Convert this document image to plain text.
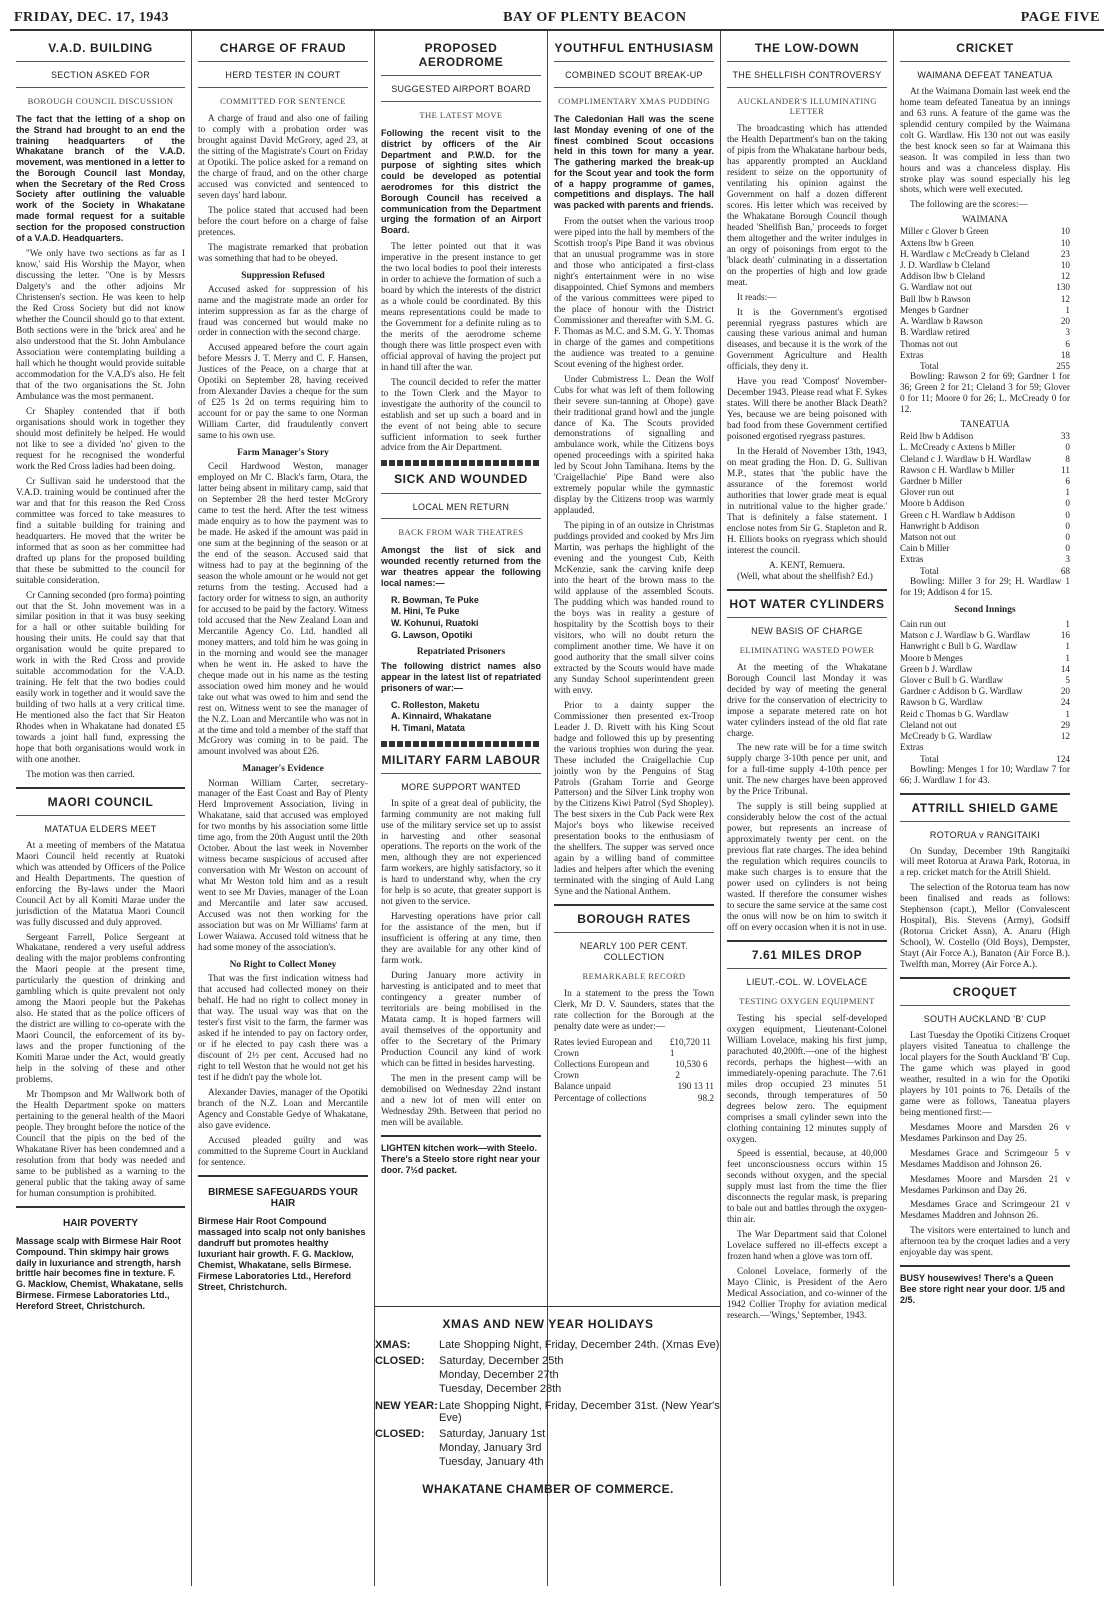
FRIDAY, DEC. 17, 1943	BAY OF PLENTY BEACON	PAGE FIVE
V.A.D. BUILDING
SECTION ASKED FOR
BOROUGH COUNCIL DISCUSSION
The fact that the letting of a shop on the Strand had brought to an end the training headquarters of the Whakatane branch of the V.A.D. movement, was mentioned in a letter to the Borough Council last Monday, when the Secretary of the Red Cross Society after outlining the valuable work of the Society in Whakatane made formal request for a suitable section for the proposed construction of a V.A.D. Headquarters.

"We only have two sections as far as I know,' said His Worship the Mayor, when discussing the letter. "One is by Messrs Dalgety's and the other adjoins Mr Christensen's section. He was keen to help the Red Cross Society but did not know whether the Council should go to that extent. Both sections were in the 'brick area' and he also understood that the St. John Ambulance Association were contemplating building a hall which he thought would provide suitable accommodation for the V.A.D's also. He felt that of the two organisations the St. John Ambulance was the most permanent.

Cr Shapley contended that if both organisations should work in together they should most definitely be helped. He would not like to see a divided 'no' given to the request for he recognised the wonderful work the Red Cross ladies had been doing.

Cr Sullivan said he understood that the V.A.D. training would be continued after the war and that for this reason the Red Cross committee was forced to take measures to find a suitable building for training and headquarters. He moved that the writer be informed that as soon as her committee had drafted up plans for the proposed building that these be submitted to the council for suitable consideration.

Cr Canning seconded (pro forma) pointing out that the St. John movement was in a similar position in that it was busy seeking for a hall or other suitable building for housing their units. He could say that that organisation would be quite prepared to work in with the Red Cross and provide suitable accommodation for the V.A.D. training. He felt that the two bodies could easily work in together and it would save the building of two halls at a very critical time. He mentioned also the fact that Sir Heaton Rhodes when in Whakatane had donated £5 towards a joint hall fund, expressing the hope that both organisations would work in with one another.

The motion was then carried.

MAORI COUNCIL
MATATUA ELDERS MEET

At a meeting of members of the Matatua Maori Council held recently at Ruatoki which was attended by Officers of the Police and Health Departments. The question of enforcing the By-laws under the Maori Council Act by all Komiti Marae under the jurisdiction of the Matatua Maori Council was fully discussed and duly approved.

Sergeant Farrell, Police Sergeant at Whakatane, rendered a very useful address dealing with the major problems confronting the Maori people at the present time, particularly the question of drinking and gambling which is quite prevalent not only among the Maori people but the Pakehas also. He stated that as the police officers of the district are willing to co-operate with the Maori Council, the enforcement of its by-laws and the proper functioning of the Komiti Marae under the Act, would greatly help in the solving of these and other problems.

Mr Thompson and Mr Wallwork both of the Health Department spoke on matters pertaining to the general health of the Maori people. They brought before the notice of the Council that the pipis on the bed of the Whakatane River has been condemned and a resolution from that body was needed and same to be published as a warning to the general public that the taking away of same for human consumption is prohibited.

HAIR POVERTY
Massage scalp with Birmese Hair Root Compound. Thin skimpy hair grows daily in luxuriance and strength, harsh brittle hair becomes fine in texture. F. G. Macklow, Chemist, Whakatane, sells Birmese. Firmese Laboratories Ltd., Hereford Street, Christchurch.
CHARGE OF FRAUD
HERD TESTER IN COURT
COMMITTED FOR SENTENCE

A charge of fraud and also one of failing to comply with a probation order was brought against David McGrory, aged 23, at the sitting of the Magistrate's Court on Friday at Opotiki. The police asked for a remand on the charge of fraud, and on the other charge accused was convicted and sentenced to seven days' hard labour.

The police stated that accused had been before the court before on a charge of false pretences.

The magistrate remarked that probation was something that had to be obeyed.

Suppression Refused

Accused asked for suppression of his name and the magistrate made an order for interim suppression as far as the charge of fraud was concerned but would make no order in connection with the second charge.

Accused appeared before the court again before Messrs J. T. Merry and C. F. Hansen, Justices of the Peace, on a charge that at Opotiki on September 28, having received from Alexander Davies a cheque for the sum of £25 1s 2d on terms requiring him to account for or pay the same to one Norman William Carter, did fraudulently convert same to his own use.

Farm Manager's Story

Cecil Hardwood Weston, manager employed on Mr C. Black's farm, Otara, the latter being absent in military camp, said that on September 28 the herd tester McGrory came to test the herd. After the test witness made enquiry as to how the payment was to be made. He asked if the amount was paid in one sum at the beginning of the season or at the end of the season. Accused said that witness had to pay at the beginning of the season the whole amount or he would not get returns from the testing. Accused had a factory order for witness to sign, an authority for accused to be paid by the factory. Witness told accused that the New Zealand Loan and Mercantile Agency Co. Ltd. handled all money matters, and told him he was going in in the morning and would see the manager when he went in. He asked to have the cheque made out in his name as the testing association owed him money and he would take out what was owed to him and send the rest on. Witness went to see the manager of the N.Z. Loan and Mercantile who was not in at the time and told a member of the staff that McGrory was coming in to be paid. The amount involved was about £26.

Manager's Evidence

Norman William Carter, secretary-manager of the East Coast and Bay of Plenty Herd Improvement Association, living in Whakatane, said that accused was employed for two months by his association some little time ago, from the 20th August until the 20th October. About the last week in November witness became suspicious of accused after conversation with Mr Weston on account of what Mr Weston told him and as a result went to see Mr Davies, manager of the Loan and Mercantile and later saw accused. Accused was not then working for the association but was on Mr Williams' farm at Lower Waiawa. Accused told witness that he had some money of the association's.

No Right to Collect Money

That was the first indication witness had that accused had collected money on their behalf. He had no right to collect money in that way. The usual way was that on the tester's first visit to the farm, the farmer was asked if he intended to pay on factory order, or if he elected to pay cash there was a discount of 2½ per cent. Accused had no right to tell Weston that he would not get his test if he didn't pay the whole lot.

Alexander Davies, manager of the Opotiki branch of the N.Z. Loan and Mercantile Agency and Constable Gedye of Whakatane, also gave evidence.

Accused pleaded guilty and was committed to the Supreme Court in Auckland for sentence.

BIRMESE SAFEGUARDS YOUR HAIR
Birmese Hair Root Compound massaged into scalp not only banishes dandruff but promotes healthy luxuriant hair growth. F. G. Macklow, Chemist, Whakatane, sells Birmese. Firmese Laboratories Ltd., Hereford Street, Christchurch.
PROPOSED AERODROME
SUGGESTED AIRPORT BOARD
THE LATEST MOVE
Following the recent visit to the district by officers of the Air Department and P.W.D. for the purpose of sighting sites which could be developed as potential aerodromes for this district the Borough Council has received a communication from the Department urging the formation of an Airport Board.

The letter pointed out that it was imperative in the present instance to get the two local bodies to pool their interests in order to achieve the formation of such a board by which the interests of the district as a whole could be coordinated. By this means representations could be made to the Government for a definite ruling as to the merits of the aerodrome scheme though there was little prospect even with official approval of having the project put in hand till after the war.

The council decided to refer the matter to the Town Clerk and the Mayor to investigate the authority of the council to establish and set up such a board and in the event of not being able to secure sufficient information to seek further advice from the Air Department.

SICK AND WOUNDED
LOCAL MEN RETURN
BACK FROM WAR THEATRES
Amongst the list of sick and wounded recently returned from the war theatres appear the following local names:—
R. Bowman, Te Puke
M. Hini, Te Puke
W. Kohunui, Ruatoki
G. Lawson, Opotiki
Repatriated Prisoners
The following district names also appear in the latest list of repatriated prisoners of war:—
C. Rolleston, Maketu
A. Kinnaird, Whakatane
H. Timani, Matata
MILITARY FARM LABOUR
MORE SUPPORT WANTED

In spite of a great deal of publicity, the farming community are not making full use of the military service set up to assist in harvesting and other seasonal operations. The reports on the work of the men, although they are not experienced farm workers, are highly satisfactory, so it is hard to understand why, when the cry for help is so acute, that greater support is not given to the service.

Harvesting operations have prior call for the assistance of the men, but if insufficient is offering at any time, then they are available for any other kind of farm work.

During January more activity in harvesting is anticipated and to meet that contingency a greater number of territorials are being mobilised in the Matata camp. It is hoped farmers will avail themselves of the opportunity and offer to the Secretary of the Primary Production Council any kind of work which can be fitted in besides harvesting.

The men in the present camp will be demobilised on Wednesday 22nd instant and a new lot of men will enter on Wednesday 29th. Between that period no men will be available.

LIGHTEN kitchen work—with Steelo. There's a Steelo store right near your door. 7½d packet.
YOUTHFUL ENTHUSIASM
COMBINED SCOUT BREAK-UP
COMPLIMENTARY XMAS PUDDING
The Caledonian Hall was the scene last Monday evening of one of the finest combined Scout occasions held in this town for many a year. The gathering marked the break-up for the Scout year and took the form of a happy programme of games, competitions and displays. The hall was packed with parents and friends.

From the outset when the various troop were piped into the hall by members of the Scottish troop's Pipe Band it was obvious that an unusual programme was in store and those who anticipated a first-class night's entertainment were in no wise disappointed. Chief Symons and members of the various committees were piped to the place of honour with the District Commissioner and thereafter with S.M. G. F. Thomas as M.C. and S.M. G. Y. Thomas in charge of the games and competitions the audience was treated to a genuine Scout evening of the highest order.

Under Cubmistress L. Dean the Wolf Cubs for what was left of them following their severe sun-tanning at Ohope) gave their traditional grand howl and the jungle dance of Ka. The Scouts provided demonstrations of signalling and ambulance work, while the Citizens boys opened proceedings with a spirited haka led by Scout John Tamihana. Items by the 'Craigellachie' Pipe Band were also extremely popular while the gymnastic display by the Citizens troop was warmly applauded.

The piping in of an outsize in Christmas puddings provided and cooked by Mrs Jim Martin, was perhaps the highlight of the evening and the youngest Cub, Keith McKenzie, sank the carving knife deep into the heart of the brown mass to the wild applause of the assembled Scouts. The pudding which was handed round to the boys was in reality a gesture of hospitality by the Scottish boys to their visitors, who will no doubt return the compliment another time. We have it on good authority that the small silver coins extracted by the Scouts would have made any Sunday School superintendent green with envy.

Prior to a dainty supper the Commissioner then presented ex-Troop Leader J. D. Rivett with his King Scout badge and followed this up by presenting the various trophies won during the year. These included the Craigellachie Cup jointly won by the Penguins of Stag Patrols (Graham Torrie and George Patterson) and the Silver Link trophy won by the Citizens Kiwi Patrol (Syd Shopley). The best sixers in the Cub Pack were Rex Major's boys who likewise received presentation books to the enthusiasm of the shellfers. The supper was served once again by a willing band of committee ladies and helpers after which the evening terminated with the singing of Auld Lang Syne and the National Anthem.

BOROUGH RATES
NEARLY 100 PER CENT. COLLECTION
REMARKABLE RECORD

In a statement to the press the Town Clerk, Mr D. V. Saunders, states that the rate collection for the Borough at the penalty date were as under:—

Rates levied European and Crown
£10,720 11 1
Collections European and Crown
10,530 6 2
Balance unpaid	190 13 11
Percentage of collections	98.2
THE LOW-DOWN
THE SHELLFISH CONTROVERSY
AUCKLANDER'S ILLUMINATING LETTER

The broadcasting which has attended the Health Department's ban on the taking of pipis from the Whakatane harbour beds, has apparently prompted an Auckland resident to seize on the opportunity of ventilating his opinion against the Government on half a dozen different scores. His letter which was received by the Whakatane Borough Council though headed 'Shellfish Ban,' proceeds to forget them altogether and the writer indulges in an orgy of poisonings from ergot to the 'black death' culminating in a dissertation on the properties of high and low grade meat.

It reads:—

It is the Government's ergotised perennial ryegrass pastures which are causing these various animal and human diseases, and because it is the work of the Government Agriculture and Health officials, they deny it.

Have you read 'Compost' November-December 1943. Please read what F. Sykes states. Will there be another Black Death? Yes, because we are being poisoned with bad food from these Government certified poisoned ergotised ryegrass pastures.

In the Herald of November 13th, 1943, on meat grading the Hon. D. G. Sullivan M.P., states that 'the public have the assurance of the foremost world authorities that lower grade meat is equal in nutritional value to the higher grade.' That is definitely a false statement. I enclose notes from Sir G. Stapleton and R. H. Elliots books on ryegrass which should interest the council.

A. KENT, Remuera.

(Well, what about the shellfish? Ed.)

HOT WATER CYLINDERS
NEW BASIS OF CHARGE
ELIMINATING WASTED POWER

At the meeting of the Whakatane Borough Council last Monday it was decided by way of meeting the general drive for the conservation of electricity to impose a separate metered rate on hot water cylinders instead of the old flat rate charge.

The new rate will be for a time switch supply charge 3-10th pence per unit, and for a full-time supply 4-10th pence per unit. The new charges have been approved by the Price Tribunal.

The supply is still being supplied at considerably below the cost of the actual power, but represents an increase of approximately twenty per cent. on the previous flat rate charges. The idea behind the regulation which requires councils to make such charges is to ensure that the power used on cylinders is not being wasted. If therefore the consumer wishes to secure the same service at the same cost the onus will now be on him to switch it off on every occasion when it is not in use.

7.61 MILES DROP
LIEUT.-COL. W. LOVELACE
TESTING OXYGEN EQUIPMENT

Testing his special self-developed oxygen equipment, Lieutenant-Colonel William Lovelace, making his first jump, parachuted 40,200ft.—one of the highest records, perhaps the highest—with an immediately-opening parachute. The 7.61 miles drop occupied 23 minutes 51 seconds, through temperatures of 50 degrees below zero. The equipment comprises a small cylinder sewn into the clothing containing 12 minutes supply of oxygen.

Speed is essential, because, at 40,000 feet unconsciousness occurs within 15 seconds without oxygen, and the special supply must last from the time the flier disconnects the regular mask, is preparing to bale out and battles through the oxygen-thin air.

The War Department said that Colonel Lovelace suffered no ill-effects except a frozen hand when a glove was torn off.

Colonel Lovelace, formerly of the Mayo Clinic, is President of the Aero Medical Association, and co-winner of the 1942 Collier Trophy for aviation medical research.—'Wings,' September, 1943.

CRICKET
WAIMANA DEFEAT TANEATUA

At the Waimana Domain last week end the home team defeated Taneatua by an innings and 63 runs. A feature of the game was the splendid century compiled by the Waimana colt G. Wardlaw. His 130 not out was easily the best knock seen so far at Waimana this season. It was compiled in less than two hours and was a chanceless display. His stroke play was sound especially his leg shots, which were well executed.

The following are the scores:—

WAIMANA
Miller c Glover b Green	10
Axtens lbw b Green	10
H. Wardlaw c McCready b Cleland	23
J. D. Wardlaw b Cleland	10
Addison lbw b Cleland	12
G. Wardlaw not out	130
Bull lbw b Rawson	12
Menges b Gardner	1
A. Wardlaw b Rawson	20
B. Wardlaw retired	3
Thomas not out	6
Extras	18
Total	255

Bowling: Rawson 2 for 69; Gardner 1 for 36; Green 2 for 21; Cleland 3 for 59; Glover 0 for 11; Moore 0 for 26; L. McCready 0 for 12.

TANEATUA
Reid lbw b Addison	33
L. McCready c Axtens b Miller	0
Cleland c J. Wardlaw b H. Wardlaw	8
Rawson c H. Wardlaw b Miller	11
Gardner b Miller	6
Glover run out	1
Moore b Addison	0
Green c H. Wardlaw b Addison	0
Hanwright b Addison	0
Matson not out	0
Cain b Miller	0
Extras	3
Total	68

Bowling: Miller 3 for 29; H. Wardlaw 1 for 19; Addison 4 for 15.

Second Innings
Cain run out	1
Matson c J. Wardlaw b G. Wardlaw	16
Hanwright c Bull b G. Wardlaw	1
Moore b Menges	1
Green b J. Wardlaw	14
Glover c Bull b G. Wardlaw	5
Gardner c Addison b G. Wardlaw	20
Rawson b G. Wardlaw	24
Reid c Thomas b G. Wardlaw	1
Cleland not out	29
McCready b G. Wardlaw	12
Extras
Total	124

Bowling: Menges 1 for 10; Wardlaw 7 for 66; J. Wardlaw 1 for 43.

ATTRILL SHIELD GAME
ROTORUA v RANGITAIKI

On Sunday, December 19th Rangitaiki will meet Rotorua at Arawa Park, Rotorua, in a rep. cricket match for the Atrill Shield.

The selection of the Rotorua team has now been finalised and reads as follows: Stephenson (capt.), Mellor (Convalescent Hospital), Bis. Stevens (Army), Godsiff (Rotorua Cricket Assn), A. Anaru (High School), W. Costello (Old Boys), Dempster, Stayt (Air Force A.), Banaton (Air Force B.). Twelfth man, Morrey (Air Force A.).

CROQUET
SOUTH AUCKLAND 'B' CUP

Last Tuesday the Opotiki Citizens Croquet players visited Taneatua to challenge the local players for the South Auckland 'B' Cup. The game which was played in good weather, resulted in a win for the Opotiki players by 101 points to 76. Details of the game were as follows, Taneatua players being mentioned first:—

Mesdames Moore and Marsden 26 v Mesdames Parkinson and Day 25.

Mesdames Grace and Scrimgeour 5 v Mesdames Maddison and Johnson 26.

Mesdames Moore and Marsden 21 v Mesdames Parkinson and Day 26.

Mesdames Grace and Scrimgeour 21 v Mesdames Maddren and Johnson 26.

The visitors were entertained to lunch and afternoon tea by the croquet ladies and a very enjoyable day was spent.

BUSY housewives! There's a Queen Bee store right near your door. 1/5 and 2/5.
XMAS AND NEW YEAR HOLIDAYS
XMAS:	Late Shopping Night, Friday, December 24th. (Xmas Eve)
CLOSED:	Saturday, December 25th
Monday, December 27th
Tuesday, December 28th
NEW YEAR: Late Shopping Night, Friday, December 31st. (New Year's Eve)
CLOSED:	Saturday, January 1st
Monday, January 3rd
Tuesday, January 4th
WHAKATANE CHAMBER OF COMMERCE.
